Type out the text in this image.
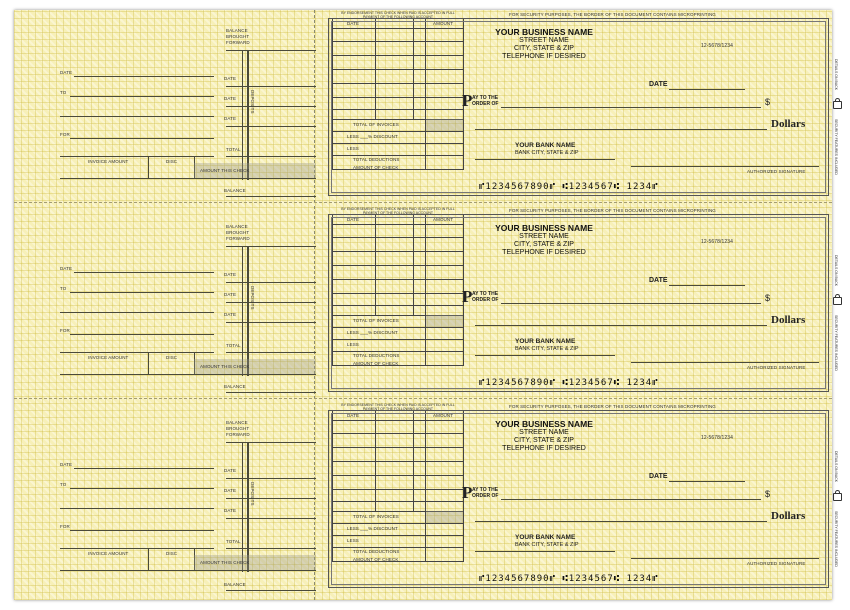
BALANCE
BROUGHT
FORWARD
DATE
DATE
DATE
DEPOSITS
TOTAL
DATE
TO
FOR
INVOICE AMOUNT	DISC
AMOUNT THIS CHECK
BALANCE
BY ENDORSEMENT THIS CHECK WHEN PAID IS ACCEPTED IN FULL PAYMENT OF THE FOLLOWING ACCOUNT
DATE	AMOUNT
TOTAL OF INVOICES
LESS ___% DISCOUNT
LESS
TOTAL DEDUCTIONS
AMOUNT OF CHECK
FOR SECURITY PURPOSES, THE BORDER OF THIS DOCUMENT CONTAINS MICROPRINTING
YOUR BUSINESS NAME
STREET NAME
CITY, STATE & ZIP
TELEPHONE IF DESIRED
12-5678/1234
DATE
P AY TO THE
ORDER OF	$
Dollars
YOUR BANK NAME
BANK CITY, STATE & ZIP
AUTHORIZED SIGNATURE
⑈1234567890⑈ ⑆1234567⑆ 1234⑈
DETAILS ON BACK
SECURITY FEATURES INCLUDED
BALANCE
BROUGHT
FORWARD
DATE
DATE
DATE
DEPOSITS
TOTAL
DATE
TO
FOR
INVOICE AMOUNT	DISC
AMOUNT THIS CHECK
BALANCE
BY ENDORSEMENT THIS CHECK WHEN PAID IS ACCEPTED IN FULL PAYMENT OF THE FOLLOWING ACCOUNT
DATE	AMOUNT
TOTAL OF INVOICES
LESS ___% DISCOUNT
LESS
TOTAL DEDUCTIONS
AMOUNT OF CHECK
FOR SECURITY PURPOSES, THE BORDER OF THIS DOCUMENT CONTAINS MICROPRINTING
YOUR BUSINESS NAME
STREET NAME
CITY, STATE & ZIP
TELEPHONE IF DESIRED
12-5678/1234
DATE
P AY TO THE
ORDER OF	$
Dollars
YOUR BANK NAME
BANK CITY, STATE & ZIP
AUTHORIZED SIGNATURE
⑈1234567890⑈ ⑆1234567⑆ 1234⑈
DETAILS ON BACK
SECURITY FEATURES INCLUDED
BALANCE
BROUGHT
FORWARD
DATE
DATE
DATE
DEPOSITS
TOTAL
DATE
TO
FOR
INVOICE AMOUNT	DISC
AMOUNT THIS CHECK
BALANCE
BY ENDORSEMENT THIS CHECK WHEN PAID IS ACCEPTED IN FULL PAYMENT OF THE FOLLOWING ACCOUNT
DATE	AMOUNT
TOTAL OF INVOICES
LESS ___% DISCOUNT
LESS
TOTAL DEDUCTIONS
AMOUNT OF CHECK
FOR SECURITY PURPOSES, THE BORDER OF THIS DOCUMENT CONTAINS MICROPRINTING
YOUR BUSINESS NAME
STREET NAME
CITY, STATE & ZIP
TELEPHONE IF DESIRED
12-5678/1234
DATE
P AY TO THE
ORDER OF	$
Dollars
YOUR BANK NAME
BANK CITY, STATE & ZIP
AUTHORIZED SIGNATURE
⑈1234567890⑈ ⑆1234567⑆ 1234⑈
DETAILS ON BACK
SECURITY FEATURES INCLUDED
